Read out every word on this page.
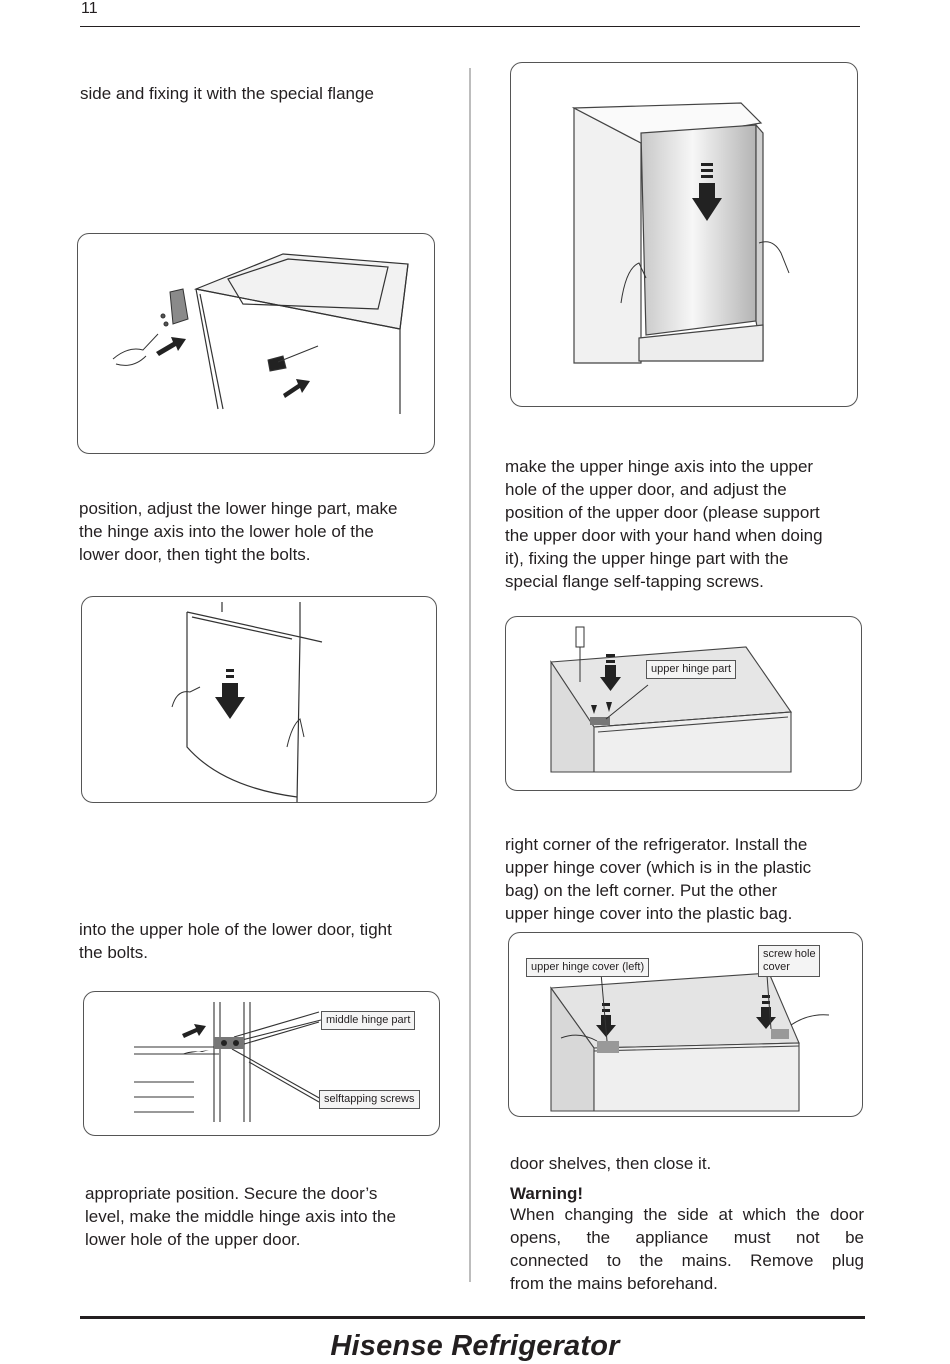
11
side and fixing it with the special flange
position, adjust the lower hinge part, make
the hinge axis into the lower hole of the
lower door, then tight the bolts.
into the upper hole of the lower door, tight
the bolts.
middle hinge part
selftapping screws
appropriate position. Secure the door’s
level, make the middle hinge axis into the
lower hole of the upper door.
make the upper hinge axis into the upper
hole of the upper door, and adjust the
position of the upper door (please support
the upper door with your hand when doing
it), fixing the upper hinge part with the
special flange self-tapping screws.
upper hinge part
right corner of the refrigerator. Install the
upper hinge cover (which is in the plastic
bag) on the left corner. Put the other
upper hinge cover into the plastic bag.
upper hinge cover (left)
screw hole
cover
door shelves, then close it.
Warning!
When changing the side at which the door
opens, the appliance must not be
connected to the mains. Remove plug
from the mains beforehand.
Hisense Refrigerator
